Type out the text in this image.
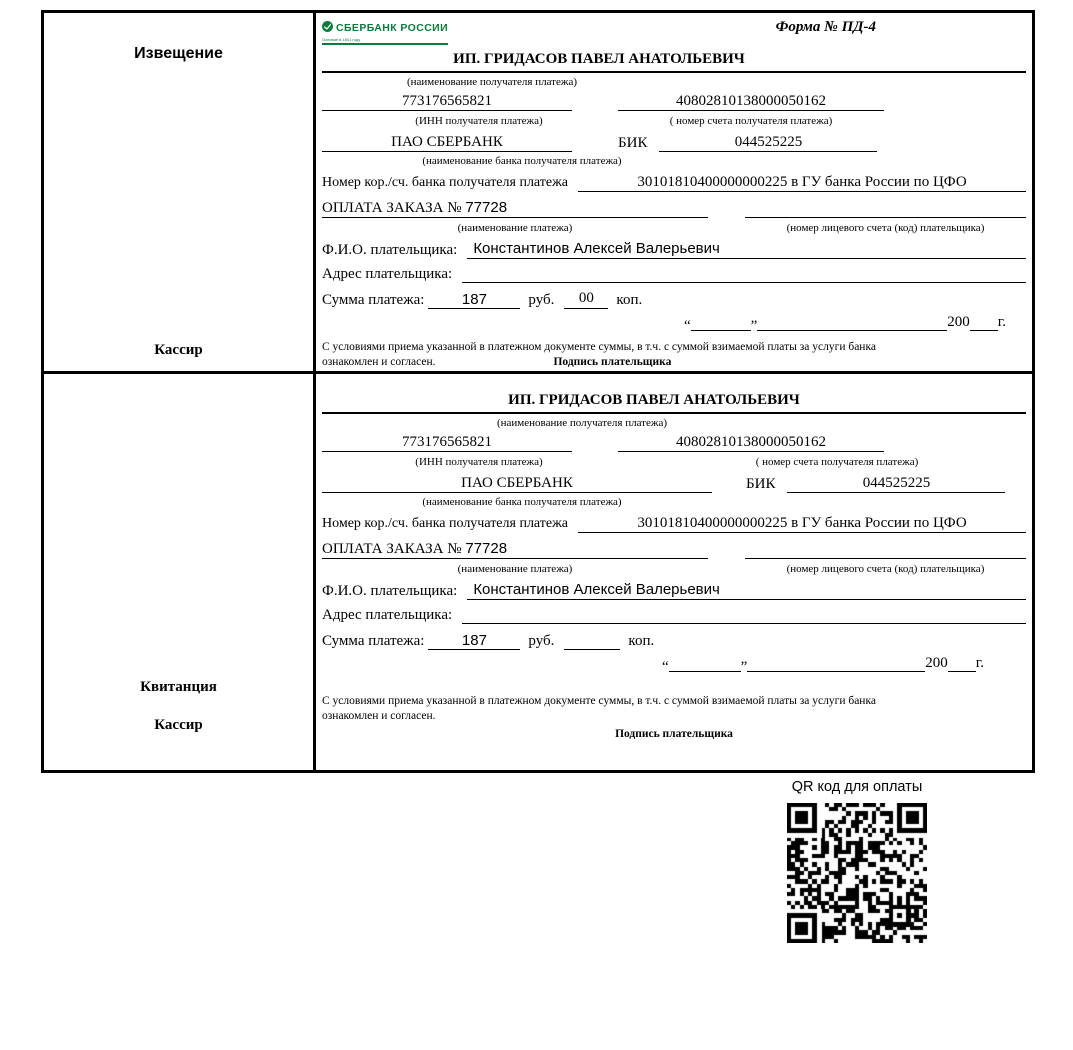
Извещение
Кассир
СБЕРБАНК РОССИИ
Основан в 1841 году
Форма № ПД-4
ИП. ГРИДАСОВ ПАВЕЛ АНАТОЛЬЕВИЧ
(наименование получателя платежа)
773176565821	40802810138000050162
(ИНН получателя платежа)	( номер счета получателя платежа)
ПАО СБЕРБАНК	БИК	044525225
(наименование банка получателя платежа)
Номер кор./сч. банка получателя платежа	30101810400000000225 в ГУ банка России по ЦФО
ОПЛАТА ЗАКАЗА № 77728
(наименование платежа)	(номер лицевого счета (код) плательщика)
Ф.И.О. плательщика:	Константинов Алексей Валерьевич
Адрес плательщика:
Сумма платежа:	187	руб.	00	коп.
“	”	200 г.
С условиями приема указанной в платежном документе суммы, в т.ч. с суммой взимаемой платы за услуги банка
ознакомлен и согласен.	Подпись плательщика
Квитанция
Кассир
ИП. ГРИДАСОВ ПАВЕЛ АНАТОЛЬЕВИЧ
(наименование получателя платежа)
773176565821	40802810138000050162
(ИНН получателя платежа)	( номер счета получателя платежа)
ПАО СБЕРБАНК	БИК	044525225
(наименование банка получателя платежа)
Номер кор./сч. банка получателя платежа	30101810400000000225 в ГУ банка России по ЦФО
ОПЛАТА ЗАКАЗА № 77728
(наименование платежа)	(номер лицевого счета (код) плательщика)
Ф.И.О. плательщика:	Константинов Алексей Валерьевич
Адрес плательщика:
Сумма платежа:	187	руб.	коп.
“	”	200 г.
С условиями приема указанной в платежном документе суммы, в т.ч. с суммой взимаемой платы за услуги банка
ознакомлен и согласен.
Подпись плательщика
QR код для оплаты
